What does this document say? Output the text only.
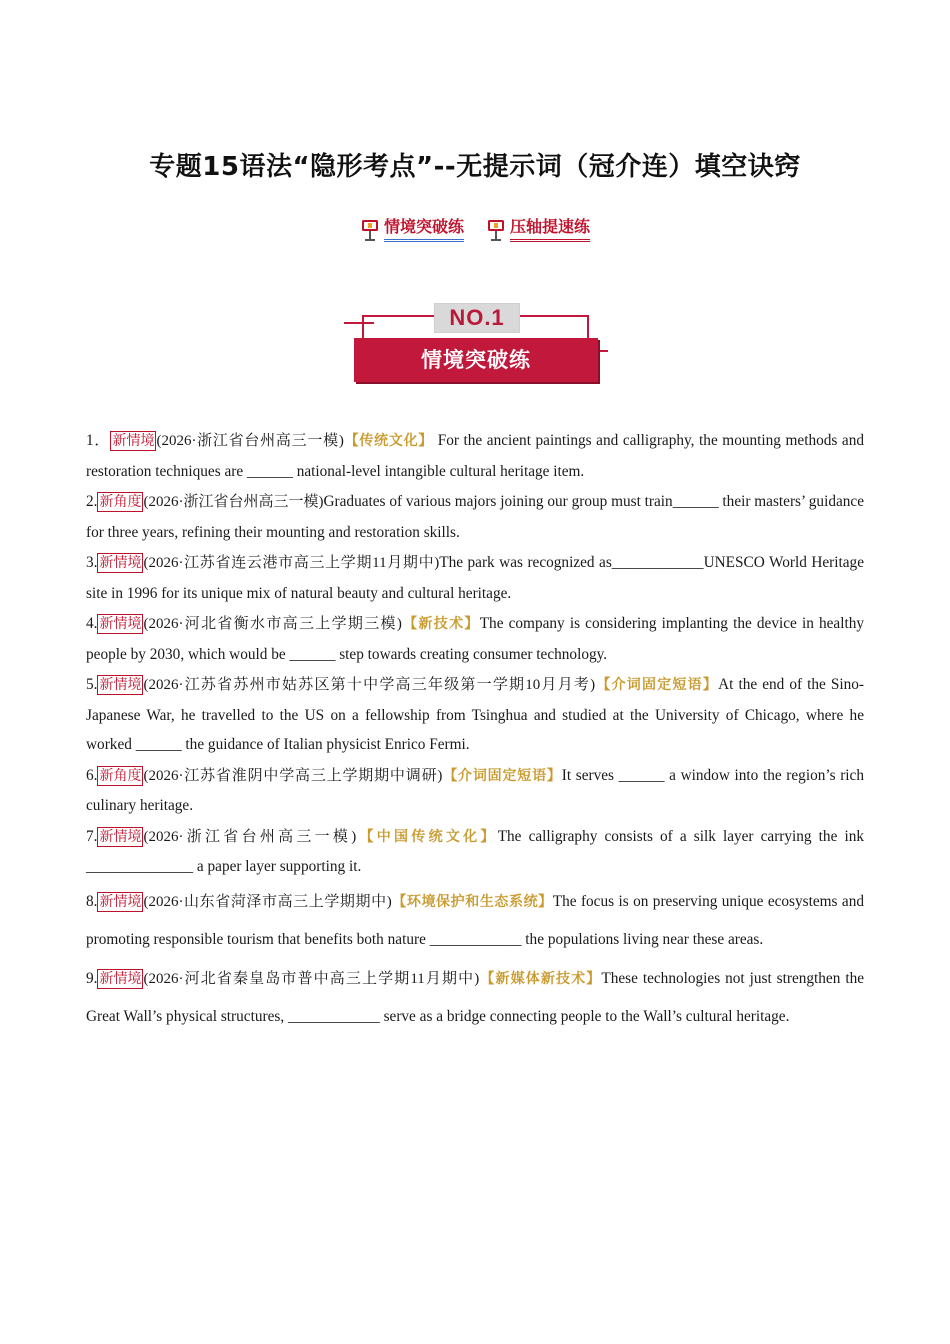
专题15语法“隐形考点”--无提示词（冠介连）填空诀窍
情境突破练	压轴提速练
NO.1
情境突破练
1． 新情境 (2026·浙江省台州高三一模)【传统文化】 For the ancient paintings and calligraphy, the mounting methods and restoration techniques are ______ national-level intangible cultural heritage item.
2. 新角度 (2026·浙江省台州高三一模)Graduates of various majors joining our group must train______ their masters’ guidance for three years, refining their mounting and restoration skills.
3. 新情境 (2026·江苏省连云港市高三上学期11月期中)The park was recognized as____________UNESCO World Heritage site in 1996 for its unique mix of natural beauty and cultural heritage.
4. 新情境 (2026·河北省衡水市高三上学期三模)【新技术】The company is considering implanting the device in healthy people by 2030, which would be ______ step towards creating consumer technology.
5. 新情境 (2026·江苏省苏州市姑苏区第十中学高三年级第一学期10月月考)【介词固定短语】At the end of the Sino-Japanese War, he travelled to the US on a fellowship from Tsinghua and studied at the University of Chicago, where he worked ______ the guidance of Italian physicist Enrico Fermi.
6. 新角度 (2026·江苏省淮阴中学高三上学期期中调研)【介词固定短语】It serves ______ a window into the region’s rich culinary heritage.
7. 新情境 (2026·浙江省台州高三一模)【中国传统文化】The calligraphy consists of a silk layer carrying the ink ______________ a paper layer supporting it.
8. 新情境 (2026·山东省菏泽市高三上学期期中)【环境保护和生态系统】The focus is on preserving unique ecosystems and promoting responsible tourism that benefits both nature ____________ the populations living near these areas.
9. 新情境 (2026·河北省秦皇岛市普中高三上学期11月期中)【新媒体新技术】These technologies not just strengthen the Great Wall’s physical structures, ____________ serve as a bridge connecting people to the Wall’s cultural heritage.
